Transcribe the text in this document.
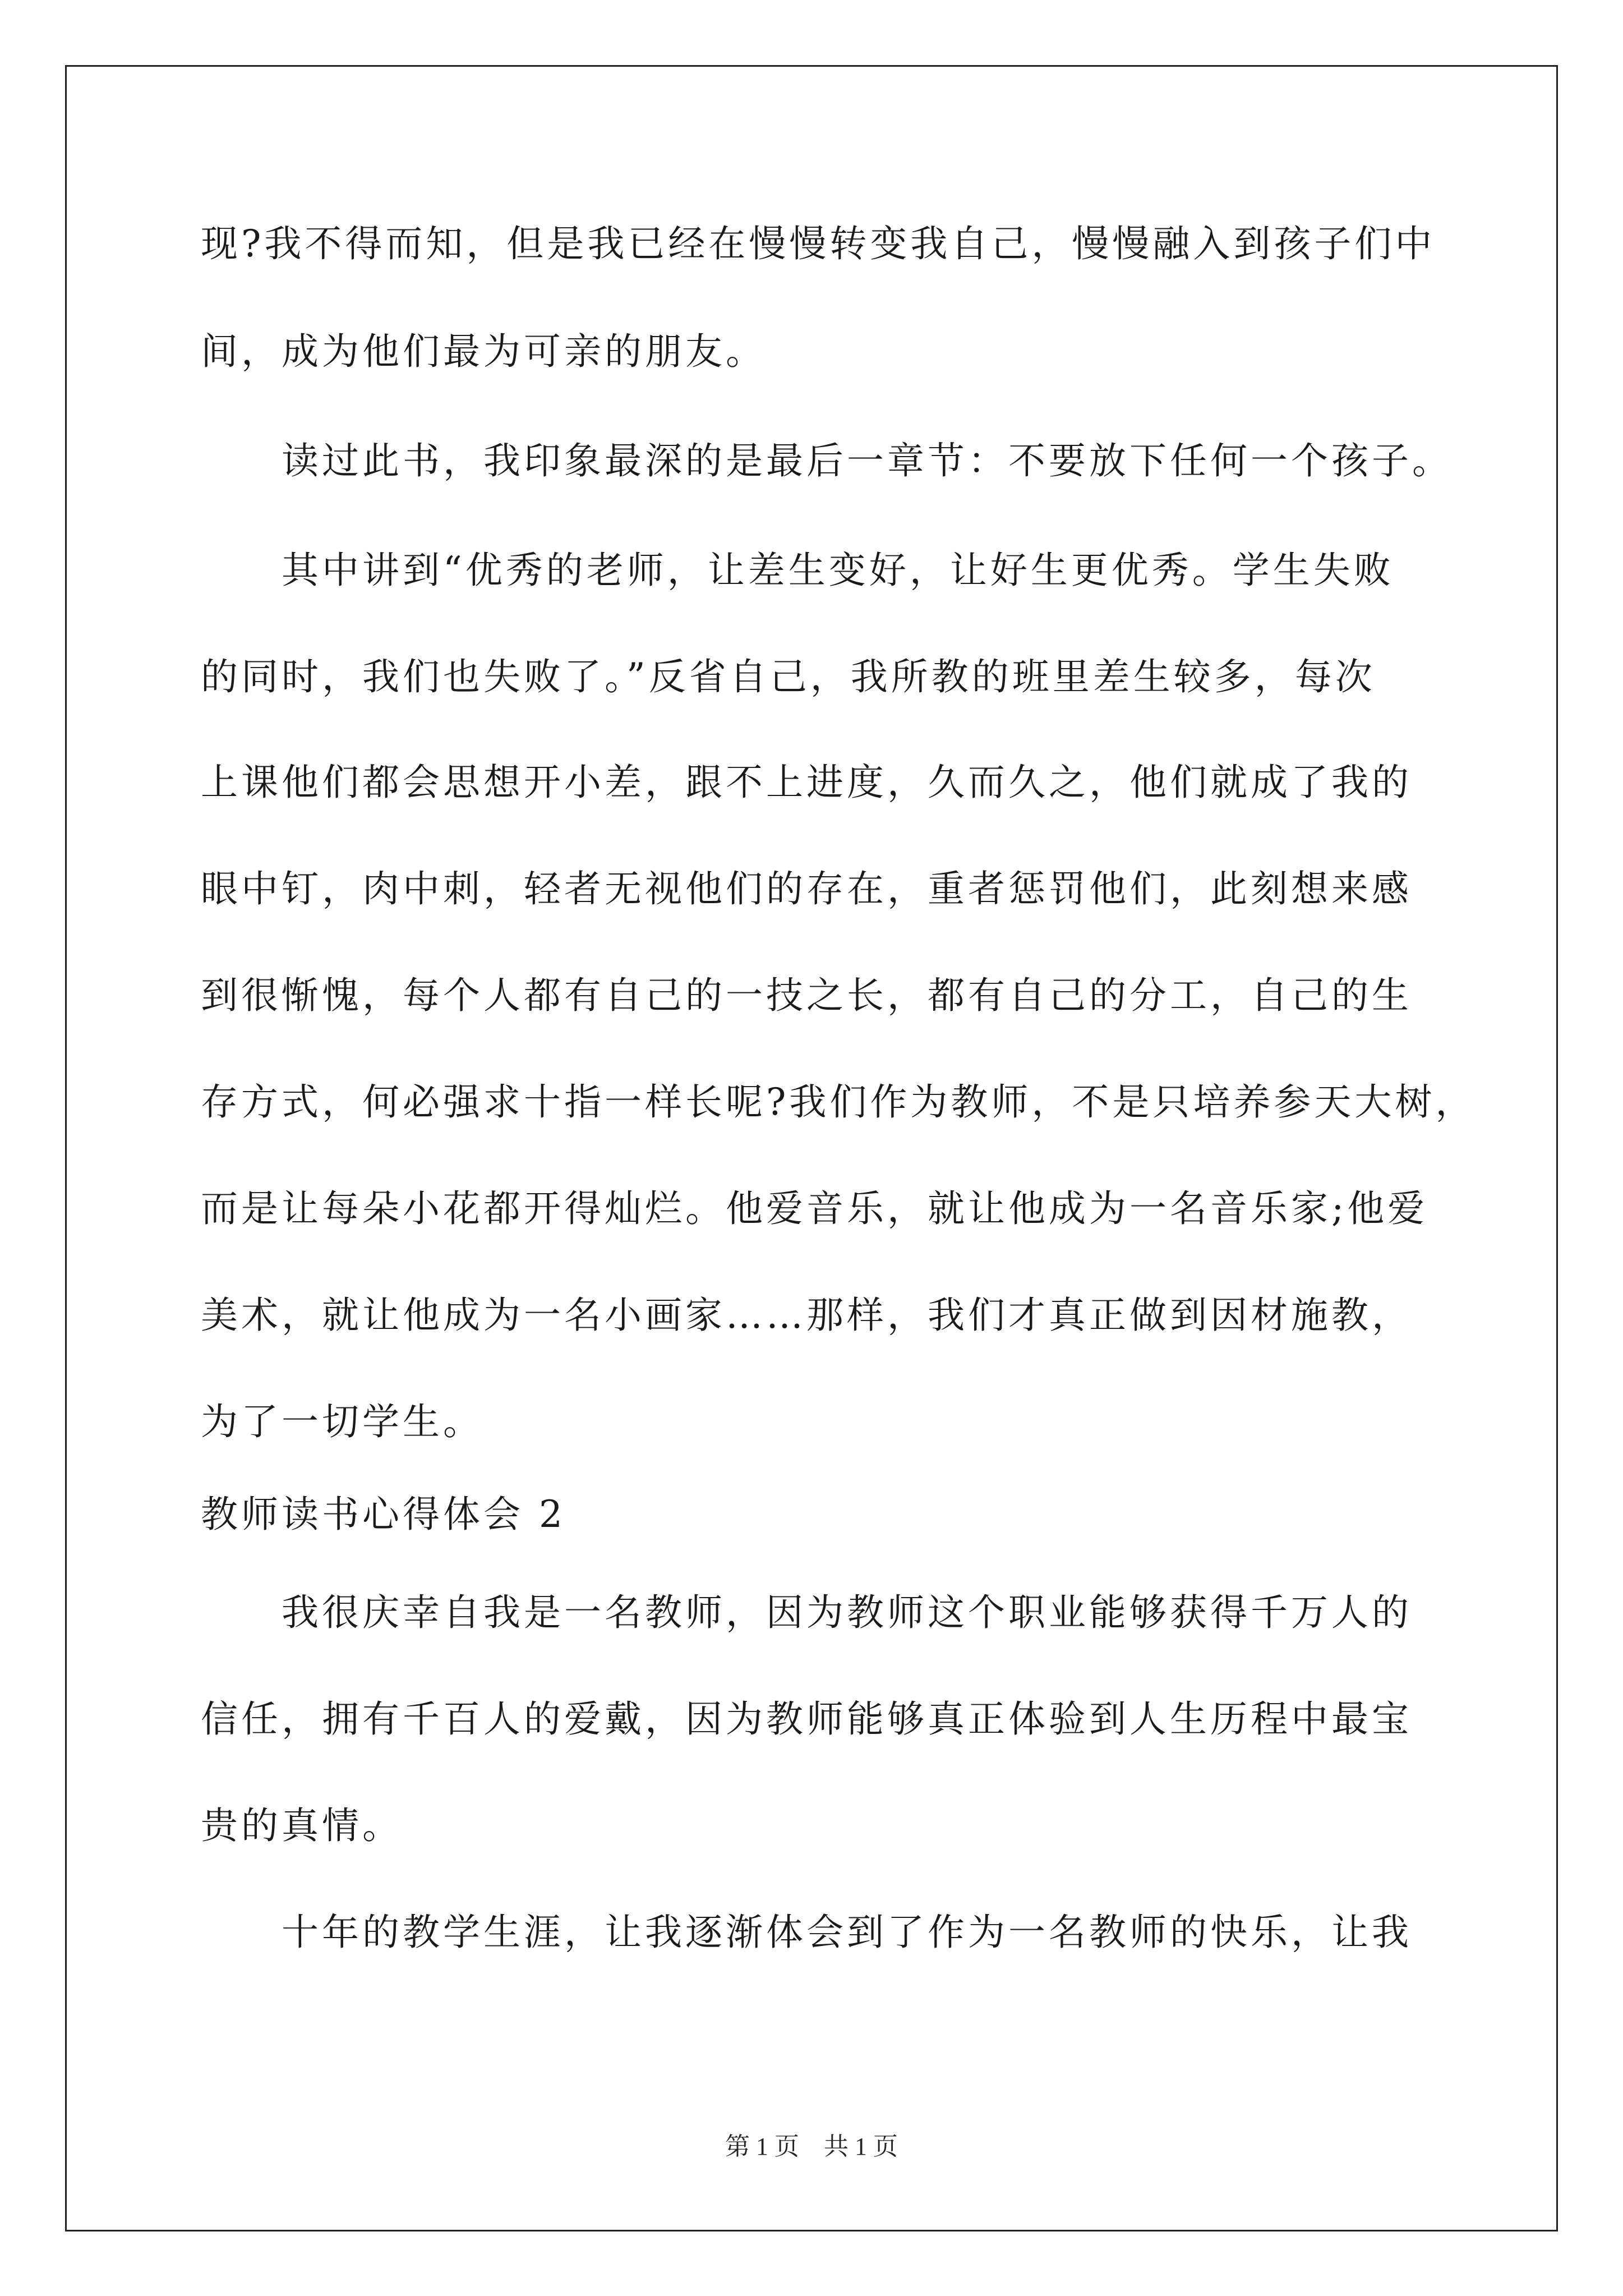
现?我不得而知，但是我已经在慢慢转变我自己，慢慢融入到孩子们中
间，成为他们最为可亲的朋友。
　　读过此书，我印象最深的是最后一章节：不要放下任何一个孩子。
　　其中讲到“优秀的老师，让差生变好，让好生更优秀。学生失败
的同时，我们也失败了。”反省自己，我所教的班里差生较多，每次
上课他们都会思想开小差，跟不上进度，久而久之，他们就成了我的
眼中钉，肉中刺，轻者无视他们的存在，重者惩罚他们，此刻想来感
到很惭愧，每个人都有自己的一技之长，都有自己的分工，自己的生
存方式，何必强求十指一样长呢?我们作为教师，不是只培养参天大树，
而是让每朵小花都开得灿烂。他爱音乐，就让他成为一名音乐家;他爱
美术，就让他成为一名小画家……那样，我们才真正做到因材施教，
为了一切学生。
教师读书心得体会 2
　　我很庆幸自我是一名教师，因为教师这个职业能够获得千万人的
信任，拥有千百人的爱戴，因为教师能够真正体验到人生历程中最宝
贵的真情。
　　十年的教学生涯，让我逐渐体会到了作为一名教师的快乐，让我
第 1 页　共 1 页
